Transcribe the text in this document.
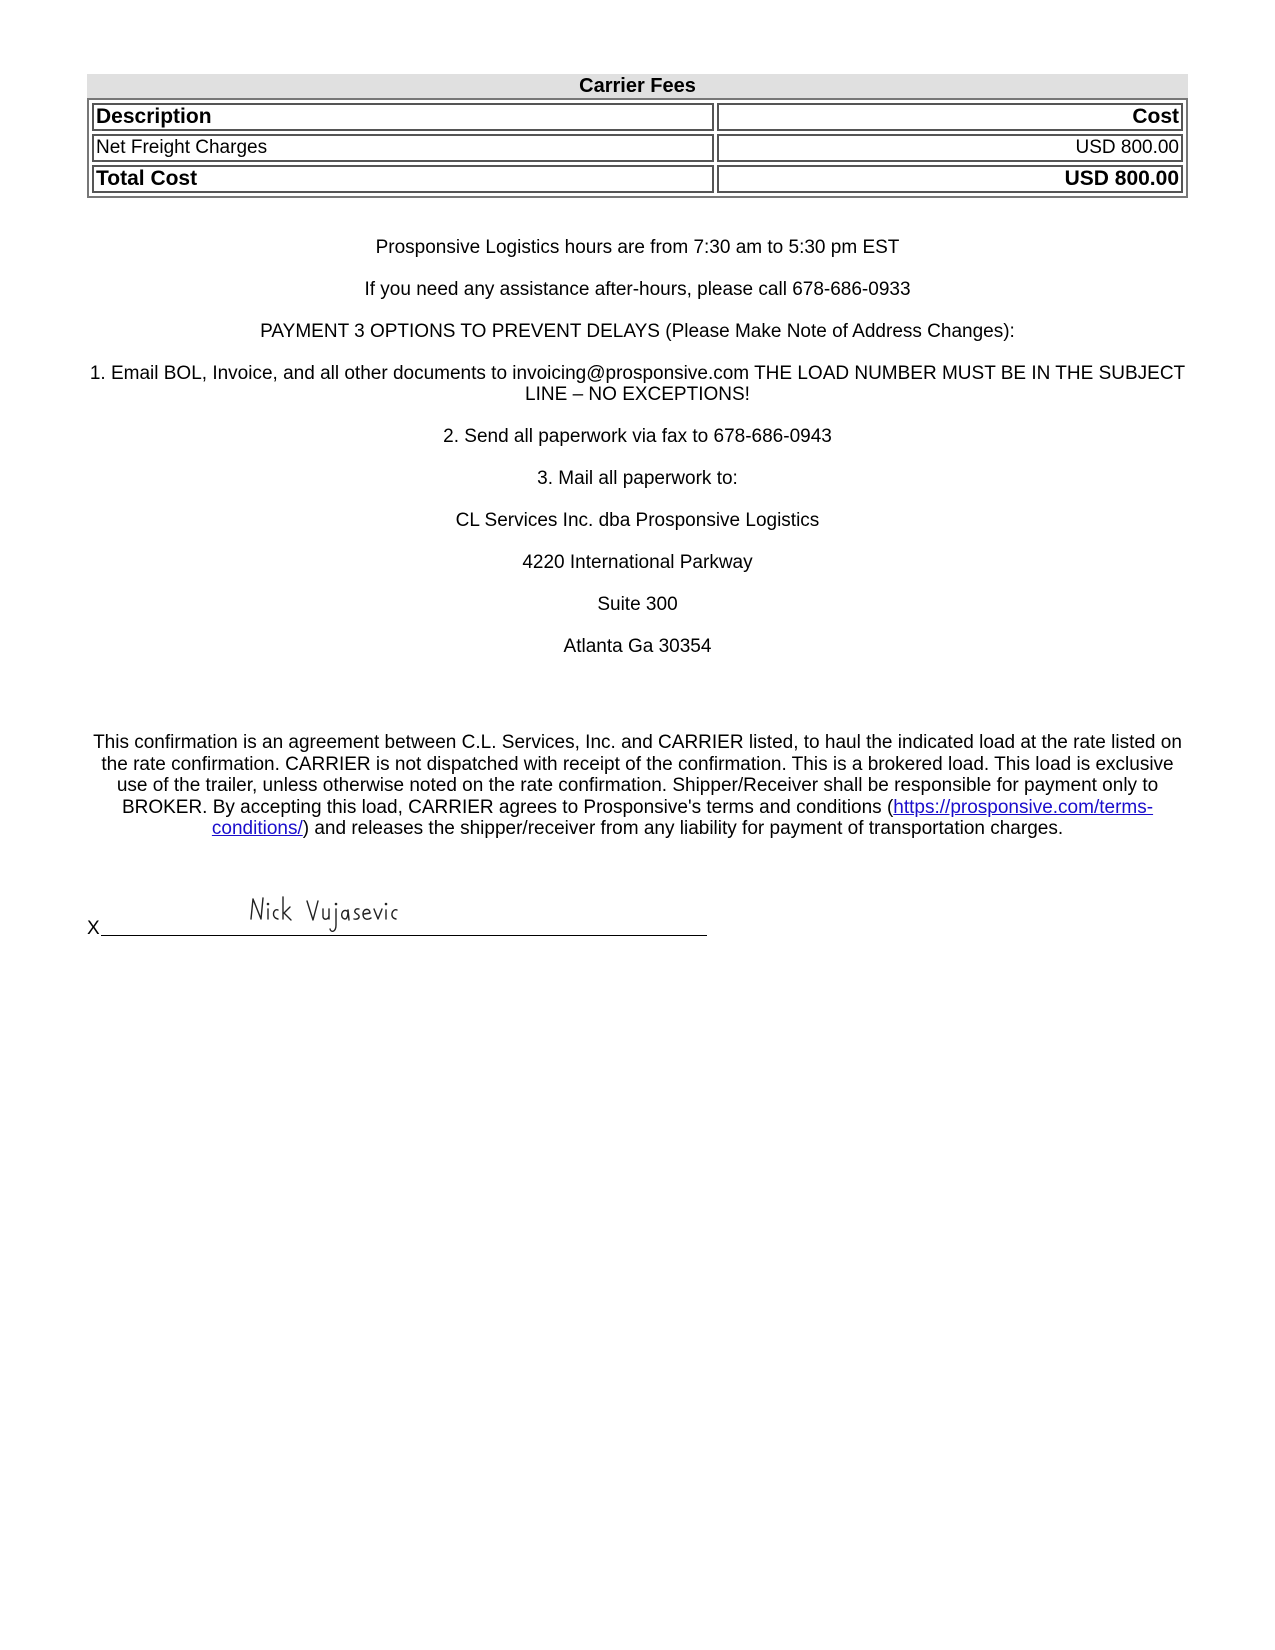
Carrier Fees
Description	Cost
Net Freight Charges	USD 800.00
Total Cost	USD 800.00

Prosponsive Logistics hours are from 7:30 am to 5:30 pm EST

If you need any assistance after-hours, please call 678-686-0933

PAYMENT 3 OPTIONS TO PREVENT DELAYS (Please Make Note of Address Changes):

1. Email BOL, Invoice, and all other documents to invoicing@prosponsive.com THE LOAD NUMBER MUST BE IN THE SUBJECT LINE – NO EXCEPTIONS!

2. Send all paperwork via fax to 678-686-0943

3. Mail all paperwork to:

CL Services Inc. dba Prosponsive Logistics

4220 International Parkway

Suite 300

Atlanta Ga 30354

This confirmation is an agreement between C.L. Services, Inc. and CARRIER listed, to haul the indicated load at the rate listed on the rate confirmation. CARRIER is not dispatched with receipt of the confirmation. This is a brokered load. This load is exclusive use of the trailer, unless otherwise noted on the rate confirmation. Shipper/Receiver shall be responsible for payment only to BROKER. By accepting this load, CARRIER agrees to Prosponsive's terms and conditions (https://prosponsive.com/terms-conditions/) and releases the shipper/receiver from any liability for payment of transportation charges.
X
